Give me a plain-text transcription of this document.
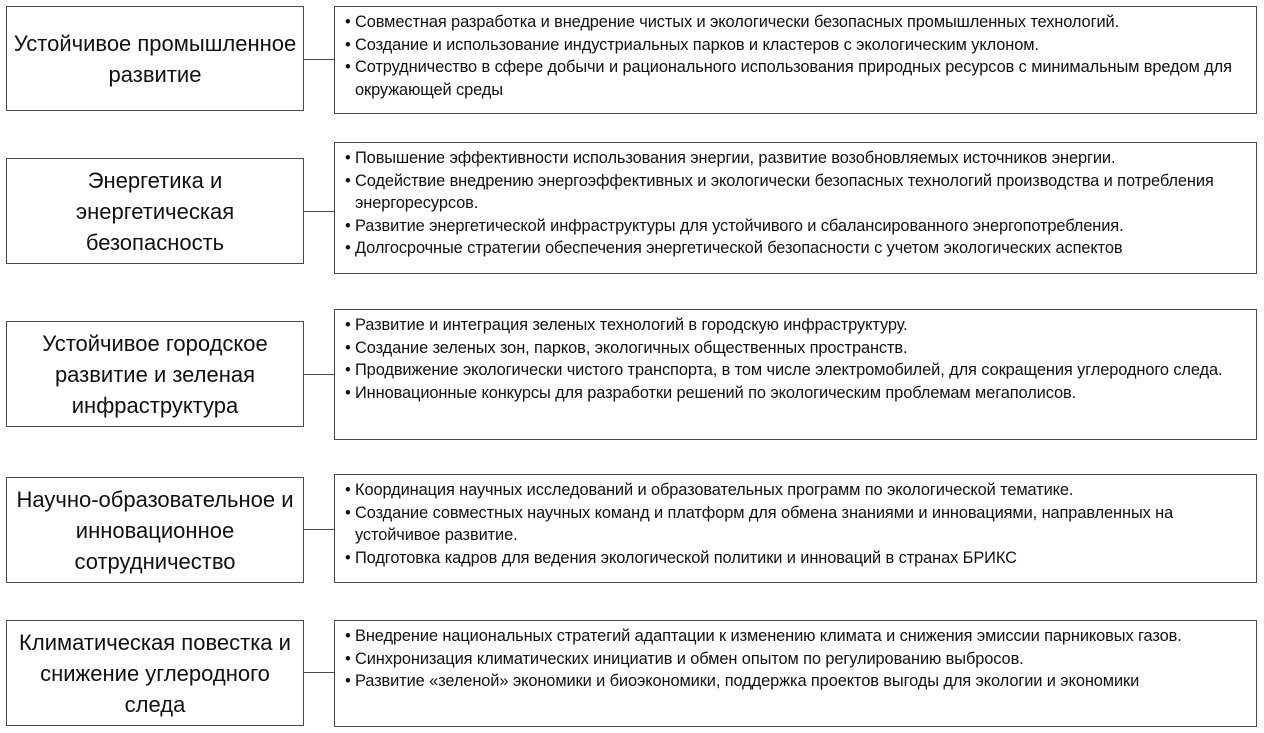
Устойчивое промышленное развитие
• Совместная разработка и внедрение чистых и экологически безопасных промышленных технологий.
• Создание и использование индустриальных парков и кластеров с экологическим уклоном.
• Сотрудничество в сфере добычи и рационального использования природных ресурсов с минимальным вредом для окружающей среды
Энергетика и энергетическая безопасность
• Повышение эффективности использования энергии, развитие возобновляемых источников энергии.
• Содействие внедрению энергоэффективных и экологически безопасных технологий производства и потребления энергоресурсов.
• Развитие энергетической инфраструктуры для устойчивого и сбалансированного энергопотребления.
• Долгосрочные стратегии обеспечения энергетической безопасности с учетом экологических аспектов
Устойчивое городское развитие и зеленая инфраструктура
• Развитие и интеграция зеленых технологий в городскую инфраструктуру.
• Создание зеленых зон, парков, экологичных общественных пространств.
• Продвижение экологически чистого транспорта, в том числе электромобилей, для сокращения углеродного следа.
• Инновационные конкурсы для разработки решений по экологическим проблемам мегаполисов.
Научно-образовательное и инновационное сотрудничество
• Координация научных исследований и образовательных программ по экологической тематике.
• Создание совместных научных команд и платформ для обмена знаниями и инновациями, направленных на устойчивое развитие.
• Подготовка кадров для ведения экологической политики и инноваций в странах БРИКС
Климатическая повестка и снижение углеродного следа
• Внедрение национальных стратегий адаптации к изменению климата и снижения эмиссии парниковых газов.
• Синхронизация климатических инициатив и обмен опытом по регулированию выбросов.
• Развитие «зеленой» экономики и биоэкономики, поддержка проектов выгоды для экологии и экономики
